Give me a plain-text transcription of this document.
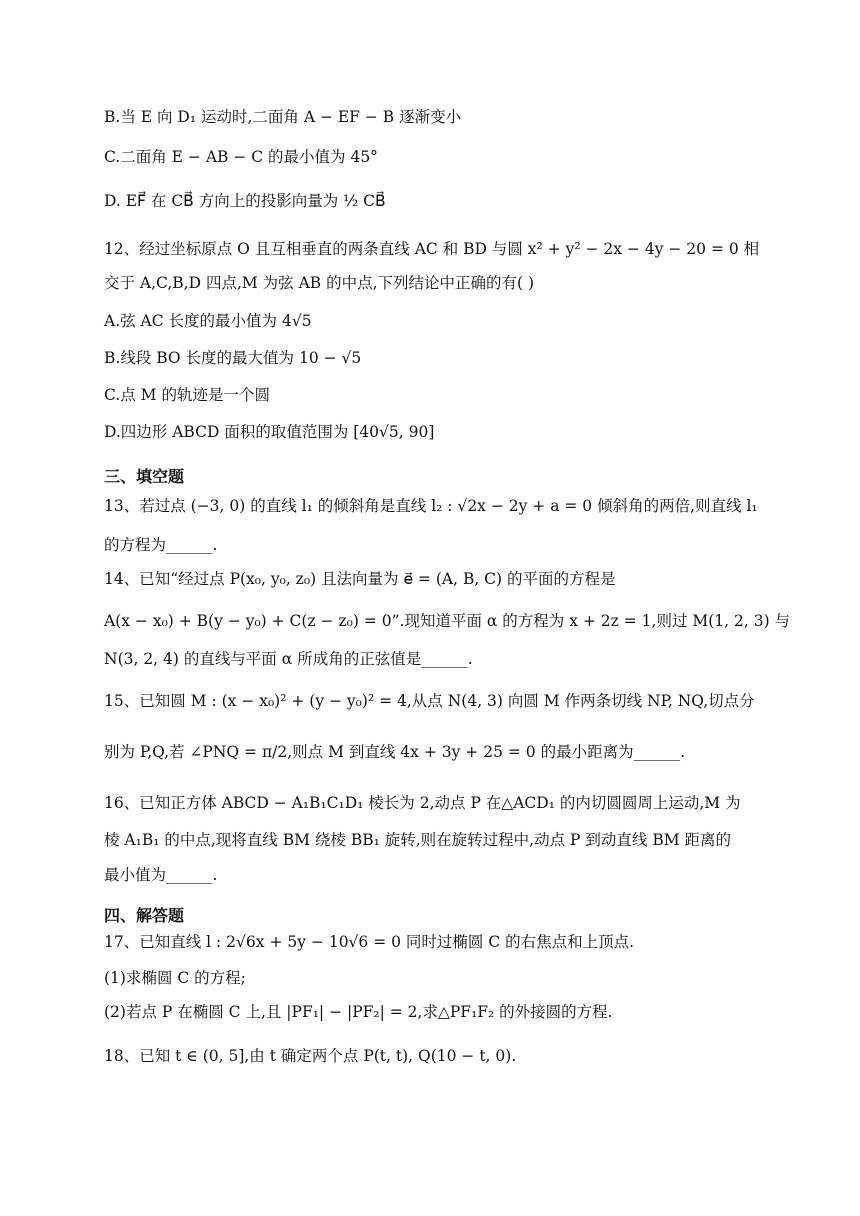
B.当 E 向 D₁ 运动时,二面角 A − EF − B 逐渐变小
C.二面角 E − AB − C 的最小值为 45°
D. EF⃗ 在 CB⃗ 方向上的投影向量为 ½ CB⃗
12、经过坐标原点 O 且互相垂直的两条直线 AC 和 BD 与圆 x² + y² − 2x − 4y − 20 = 0 相
交于 A,C,B,D 四点,M 为弦 AB 的中点,下列结论中正确的有( )
A.弦 AC 长度的最小值为 4√5
B.线段 BO 长度的最大值为 10 − √5
C.点 M 的轨迹是一个圆
D.四边形 ABCD 面积的取值范围为 [40√5, 90]
三、填空题
13、若过点 (−3, 0) 的直线 l₁ 的倾斜角是直线 l₂ : √2x − 2y + a = 0 倾斜角的两倍,则直线 l₁
的方程为______.
14、已知“经过点 P(x₀, y₀, z₀) 且法向量为 e⃗ = (A, B, C) 的平面的方程是
A(x − x₀) + B(y − y₀) + C(z − z₀) = 0”.现知道平面 α 的方程为 x + 2z = 1,则过 M(1, 2, 3) 与
N(3, 2, 4) 的直线与平面 α 所成角的正弦值是______.
15、已知圆 M : (x − x₀)² + (y − y₀)² = 4,从点 N(4, 3) 向圆 M 作两条切线 NP, NQ,切点分
别为 P,Q,若 ∠PNQ = π/2,则点 M 到直线 4x + 3y + 25 = 0 的最小距离为______.
16、已知正方体 ABCD − A₁B₁C₁D₁ 棱长为 2,动点 P 在△ACD₁ 的内切圆圆周上运动,M 为
棱 A₁B₁ 的中点,现将直线 BM 绕棱 BB₁ 旋转,则在旋转过程中,动点 P 到动直线 BM 距离的
最小值为______.
四、解答题
17、已知直线 l : 2√6x + 5y − 10√6 = 0 同时过椭圆 C 的右焦点和上顶点.
(1)求椭圆 C 的方程;
(2)若点 P 在椭圆 C 上,且 |PF₁| − |PF₂| = 2,求△PF₁F₂ 的外接圆的方程.
18、已知 t ∈ (0, 5],由 t 确定两个点 P(t, t), Q(10 − t, 0).
